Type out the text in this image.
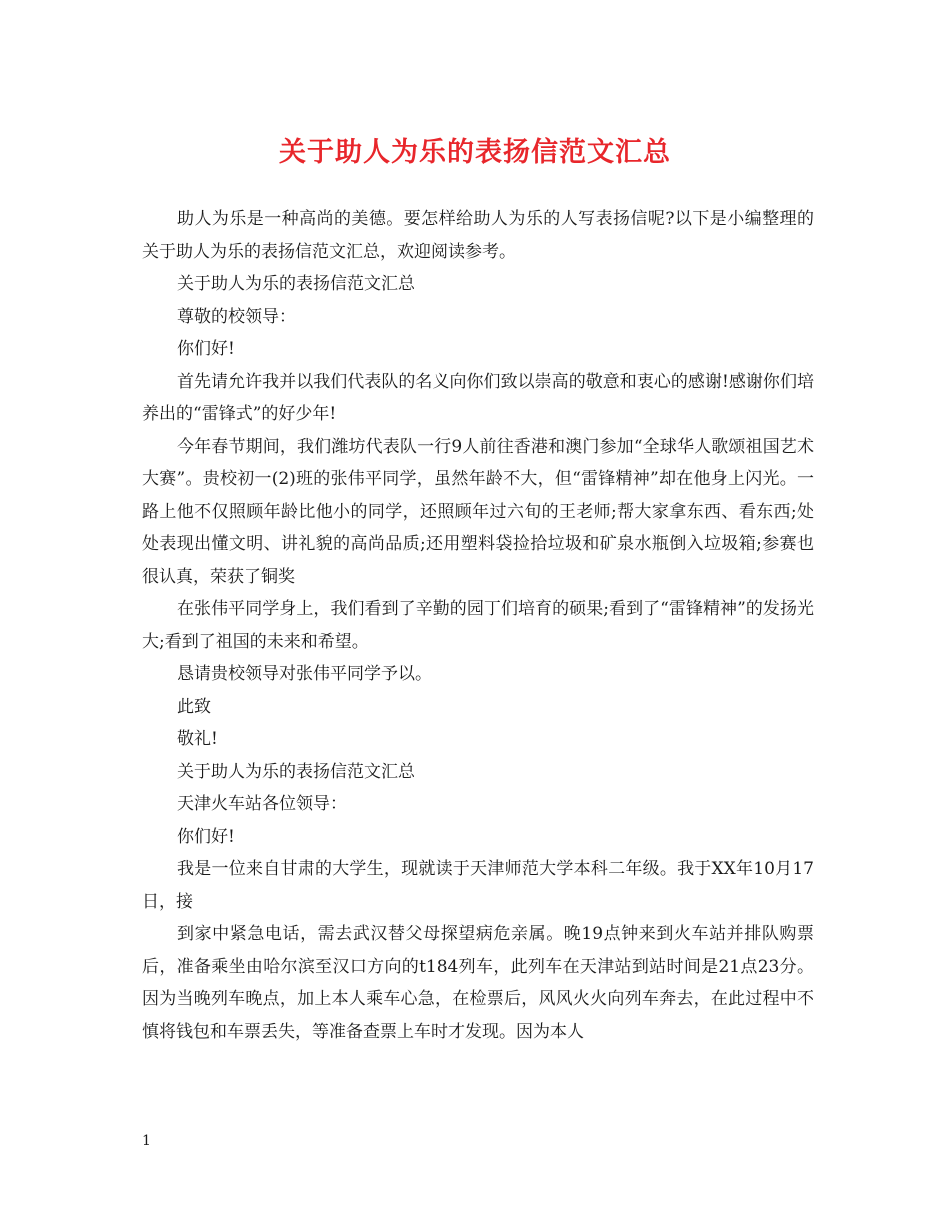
关于助人为乐的表扬信范文汇总

助人为乐是一种高尚的美德。要怎样给助人为乐的人写表扬信呢?以下是小编整理的关于助人为乐的表扬信范文汇总，欢迎阅读参考。

关于助人为乐的表扬信范文汇总

尊敬的校领导：

你们好!

首先请允许我并以我们代表队的名义向你们致以崇高的敬意和衷心的感谢!感谢你们培养出的“雷锋式”的好少年!

今年春节期间，我们潍坊代表队一行9人前往香港和澳门参加“全球华人歌颂祖国艺术大赛”。贵校初一(2)班的张伟平同学，虽然年龄不大，但“雷锋精神”却在他身上闪光。一路上他不仅照顾年龄比他小的同学，还照顾年过六旬的王老师;帮大家拿东西、看东西;处处表现出懂文明、讲礼貌的高尚品质;还用塑料袋捡拾垃圾和矿泉水瓶倒入垃圾箱;参赛也很认真，荣获了铜奖

在张伟平同学身上，我们看到了辛勤的园丁们培育的硕果;看到了“雷锋精神”的发扬光大;看到了祖国的未来和希望。

恳请贵校领导对张伟平同学予以。

此致

敬礼!

关于助人为乐的表扬信范文汇总

天津火车站各位领导：

你们好!

我是一位来自甘肃的大学生，现就读于天津师范大学本科二年级。我于XX年10月17日，接

到家中紧急电话，需去武汉替父母探望病危亲属。晚19点钟来到火车站并排队购票后，准备乘坐由哈尔滨至汉口方向的t184列车，此列车在天津站到站时间是21点23分。因为当晚列车晚点，加上本人乘车心急，在检票后，风风火火向列车奔去，在此过程中不慎将钱包和车票丢失，等准备查票上车时才发现。因为本人

1
